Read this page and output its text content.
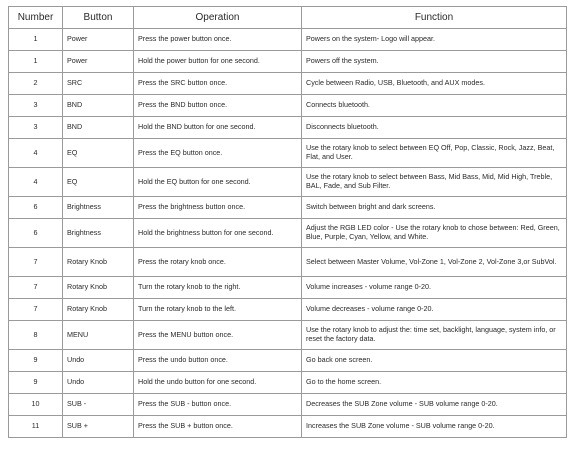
Number	Button	Operation	Function
1	Power	Press the power button once.	Powers on the system- Logo will appear.
1	Power	Hold the power button for one second.	Powers off the system.
2	SRC	Press the SRC button once.	Cycle between Radio, USB, Bluetooth, and AUX modes.
3	BND	Press the BND button once.	Connects bluetooth.
3	BND	Hold the BND button for one second.	Disconnects bluetooth.
4	EQ	Press the EQ button once.	Use the rotary knob to select between EQ Off, Pop, Classic, Rock, Jazz, Beat, Flat, and User.
4	EQ	Hold the EQ button for one second.	Use the rotary knob to select between Bass, Mid Bass, Mid, Mid High, Treble, BAL, Fade, and Sub Filter.
6	Brightness	Press the brightness button once.	Switch between bright and dark screens.
6	Brightness	Hold the brightness button for one second.	Adjust the RGB LED color - Use the rotary knob to chose between: Red, Green, Blue, Purple, Cyan, Yellow, and White.
7	Rotary Knob	Press the rotary knob once.	Select between Master Volume, Vol-Zone 1, Vol-Zone 2, Vol-Zone 3,or SubVol.
7	Rotary Knob	Turn the rotary knob to the right.	Volume increases - volume range 0-20.
7	Rotary Knob	Turn the rotary knob to the left.	Volume decreases - volume range 0-20.
8	MENU	Press the MENU button once.	Use the rotary knob to adjust the: time set, backlight, language, system info, or reset the factory data.
9	Undo	Press the undo button once.	Go back one screen.
9	Undo	Hold the undo button for one second.	Go to the home screen.
10	SUB -	Press the SUB - button once.	Decreases the SUB Zone volume - SUB volume range 0-20.
11	SUB +	Press the SUB + button once.	Increases the SUB Zone volume - SUB volume range 0-20.
